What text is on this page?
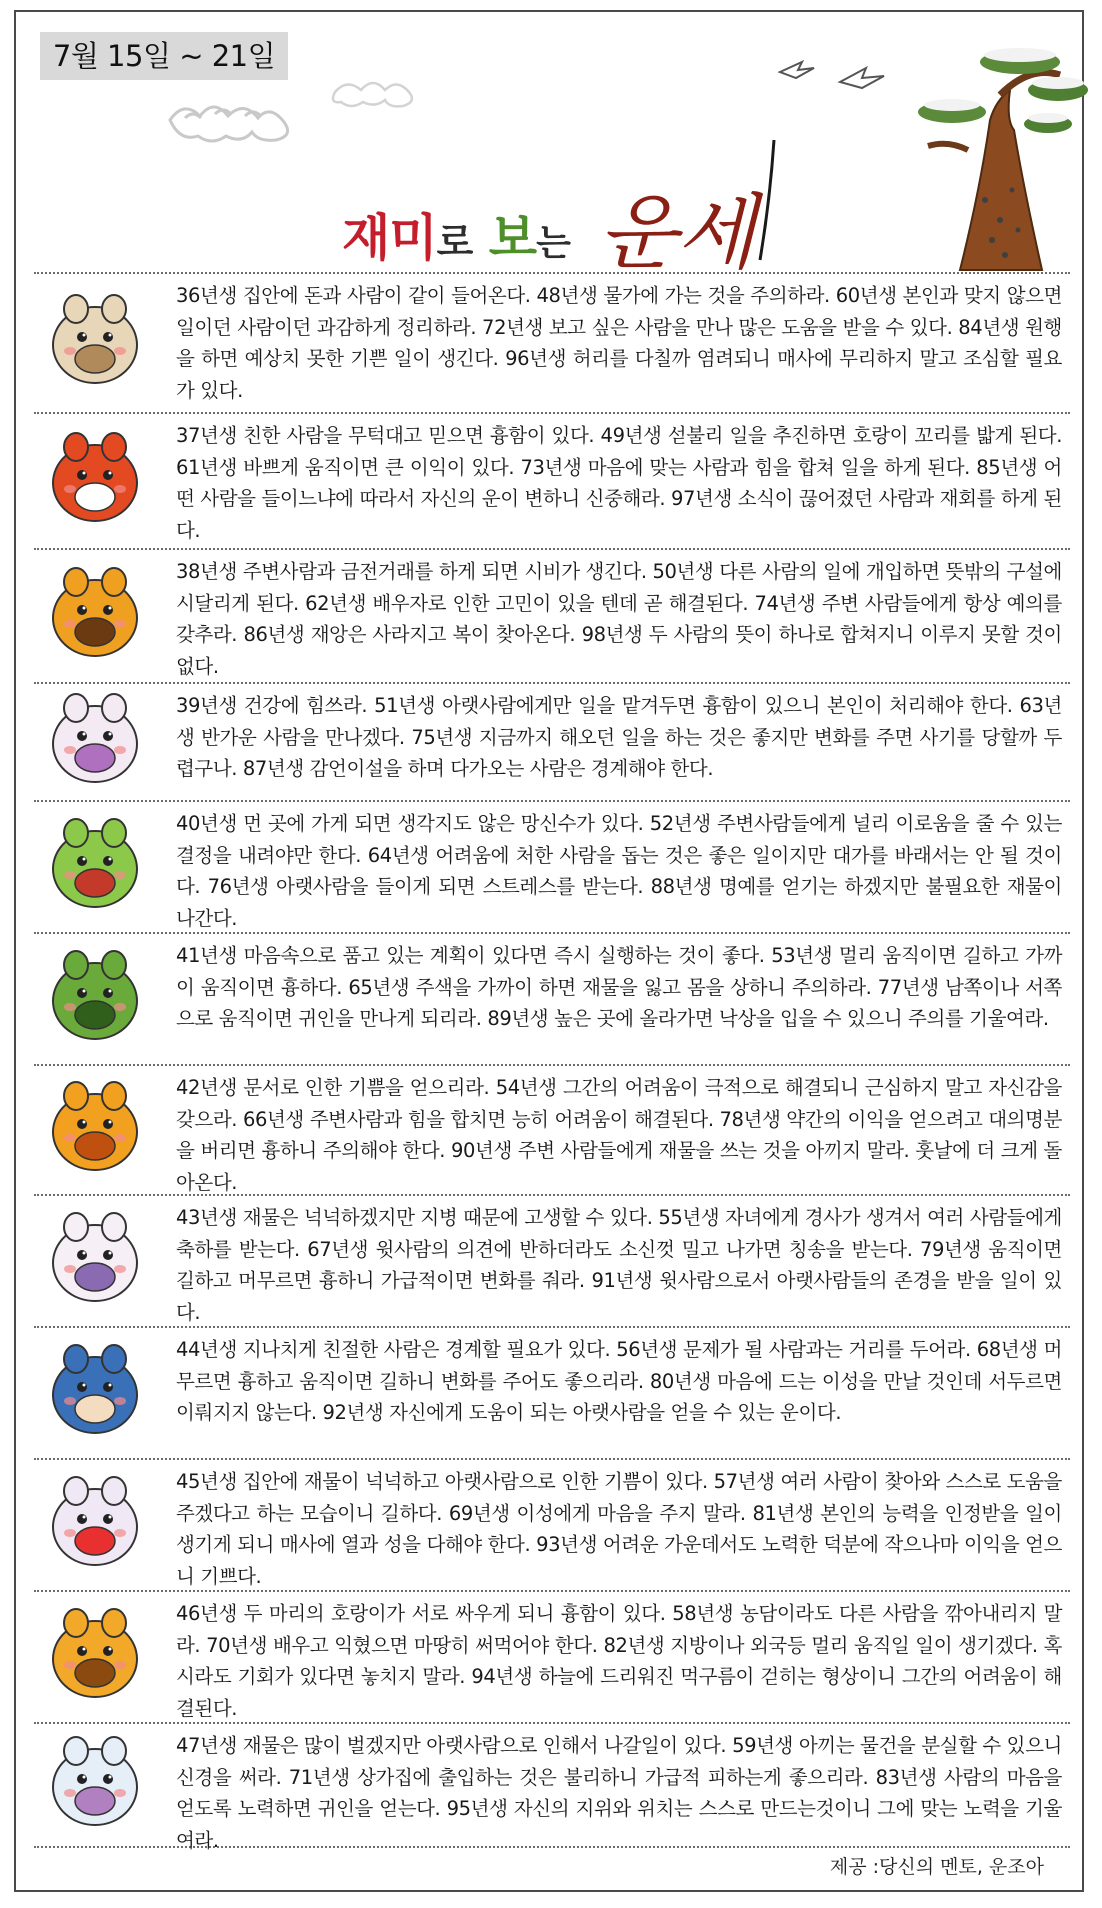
7월 15일 ~ 21일
재미로 보는 운세
36년생 집안에 돈과 사람이 같이 들어온다. 48년생 물가에 가는 것을 주의하라. 60년생 본인과 맞지 않으면 일이던 사람이던 과감하게 정리하라. 72년생 보고 싶은 사람을 만나 많은 도움을 받을 수 있다. 84년생 원행을 하면 예상치 못한 기쁜 일이 생긴다. 96년생 허리를 다칠까 염려되니 매사에 무리하지 말고 조심할 필요가 있다.
37년생 친한 사람을 무턱대고 믿으면 흉함이 있다. 49년생 섣불리 일을 추진하면 호랑이 꼬리를 밟게 된다. 61년생 바쁘게 움직이면 큰 이익이 있다. 73년생 마음에 맞는 사람과 힘을 합쳐 일을 하게 된다. 85년생 어떤 사람을 들이느냐에 따라서 자신의 운이 변하니 신중해라. 97년생 소식이 끊어졌던 사람과 재회를 하게 된다.
38년생 주변사람과 금전거래를 하게 되면 시비가 생긴다. 50년생 다른 사람의 일에 개입하면 뜻밖의 구설에 시달리게 된다. 62년생 배우자로 인한 고민이 있을 텐데 곧 해결된다. 74년생 주변 사람들에게 항상 예의를 갖추라. 86년생 재앙은 사라지고 복이 찾아온다. 98년생 두 사람의 뜻이 하나로 합쳐지니 이루지 못할 것이 없다.
39년생 건강에 힘쓰라. 51년생 아랫사람에게만 일을 맡겨두면 흉함이 있으니 본인이 처리해야 한다. 63년생 반가운 사람을 만나겠다. 75년생 지금까지 해오던 일을 하는 것은 좋지만 변화를 주면 사기를 당할까 두렵구나. 87년생 감언이설을 하며 다가오는 사람은 경계해야 한다.
40년생 먼 곳에 가게 되면 생각지도 않은 망신수가 있다. 52년생 주변사람들에게 널리 이로움을 줄 수 있는 결정을 내려야만 한다. 64년생 어려움에 처한 사람을 돕는 것은 좋은 일이지만 대가를 바래서는 안 될 것이다. 76년생 아랫사람을 들이게 되면 스트레스를 받는다. 88년생 명예를 얻기는 하겠지만 불필요한 재물이 나간다.
41년생 마음속으로 품고 있는 계획이 있다면 즉시 실행하는 것이 좋다. 53년생 멀리 움직이면 길하고 가까이 움직이면 흉하다. 65년생 주색을 가까이 하면 재물을 잃고 몸을 상하니 주의하라. 77년생 남쪽이나 서쪽으로 움직이면 귀인을 만나게 되리라. 89년생 높은 곳에 올라가면 낙상을 입을 수 있으니 주의를 기울여라.
42년생 문서로 인한 기쁨을 얻으리라. 54년생 그간의 어려움이 극적으로 해결되니 근심하지 말고 자신감을 갖으라. 66년생 주변사람과 힘을 합치면 능히 어려움이 해결된다. 78년생 약간의 이익을 얻으려고 대의명분을 버리면 흉하니 주의해야 한다. 90년생 주변 사람들에게 재물을 쓰는 것을 아끼지 말라. 훗날에 더 크게 돌아온다.
43년생 재물은 넉넉하겠지만 지병 때문에 고생할 수 있다. 55년생 자녀에게 경사가 생겨서 여러 사람들에게 축하를 받는다. 67년생 윗사람의 의견에 반하더라도 소신껏 밀고 나가면 칭송을 받는다. 79년생 움직이면 길하고 머무르면 흉하니 가급적이면 변화를 줘라. 91년생 윗사람으로서 아랫사람들의 존경을 받을 일이 있다.
44년생 지나치게 친절한 사람은 경계할 필요가 있다. 56년생 문제가 될 사람과는 거리를 두어라. 68년생 머무르면 흉하고 움직이면 길하니 변화를 주어도 좋으리라. 80년생 마음에 드는 이성을 만날 것인데 서두르면 이뤄지지 않는다. 92년생 자신에게 도움이 되는 아랫사람을 얻을 수 있는 운이다.
45년생 집안에 재물이 넉넉하고 아랫사람으로 인한 기쁨이 있다. 57년생 여러 사람이 찾아와 스스로 도움을 주겠다고 하는 모습이니 길하다. 69년생 이성에게 마음을 주지 말라. 81년생 본인의 능력을 인정받을 일이 생기게 되니 매사에 열과 성을 다해야 한다. 93년생 어려운 가운데서도 노력한 덕분에 작으나마 이익을 얻으니 기쁘다.
46년생 두 마리의 호랑이가 서로 싸우게 되니 흉함이 있다. 58년생 농담이라도 다른 사람을 깎아내리지 말라. 70년생 배우고 익혔으면 마땅히 써먹어야 한다. 82년생 지방이나 외국등 멀리 움직일 일이 생기겠다. 혹시라도 기회가 있다면 놓치지 말라. 94년생 하늘에 드리워진 먹구름이 걷히는 형상이니 그간의 어려움이 해결된다.
47년생 재물은 많이 벌겠지만 아랫사람으로 인해서 나갈일이 있다. 59년생 아끼는 물건을 분실할 수 있으니 신경을 써라. 71년생 상가집에 출입하는 것은 불리하니 가급적 피하는게 좋으리라. 83년생 사람의 마음을 얻도록 노력하면 귀인을 얻는다. 95년생 자신의 지위와 위치는 스스로 만드는것이니 그에 맞는 노력을 기울여라.
제공 :당신의 멘토, 운조아
